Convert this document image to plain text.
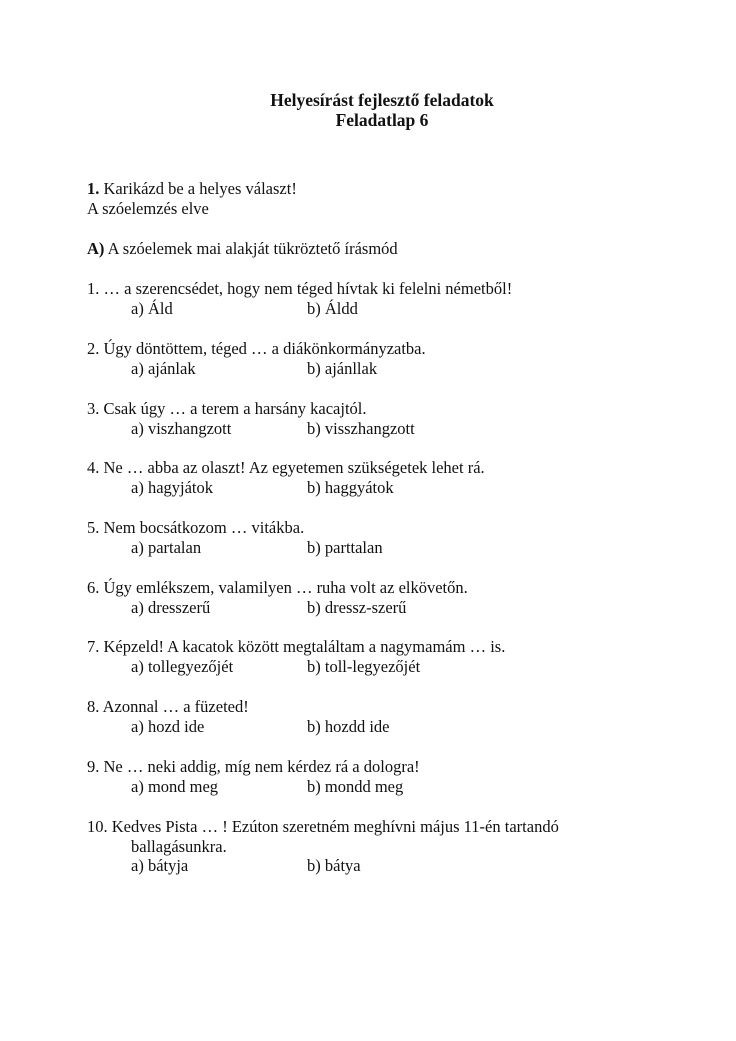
Helyesírást fejlesztő feladatok

Feladatlap 6

1. Karikázd be a helyes választ!

A szóelemzés elve

A) A szóelemek mai alakját tükröztető írásmód

1. … a szerencsédet, hogy nem téged hívtak ki felelni németből!

a) Áld	b) Áldd

2. Úgy döntöttem, téged … a diákönkormányzatba.

a) ajánlak	b) ajánllak

3. Csak úgy … a terem a harsány kacajtól.

a) viszhangzott	b) visszhangzott

4. Ne … abba az olaszt! Az egyetemen szükségetek lehet rá.

a) hagyjátok	b) haggyátok

5. Nem bocsátkozom … vitákba.

a) partalan	b) parttalan

6. Úgy emlékszem, valamilyen … ruha volt az elkövetőn.

a) dresszerű	b) dressz-szerű

7. Képzeld! A kacatok között megtaláltam a nagymamám … is.

a) tollegyezőjét	b) toll-legyezőjét

8. Azonnal … a füzeted!

a) hozd ide	b) hozdd ide

9. Ne … neki addig, míg nem kérdez rá a dologra!

a) mond meg	b) mondd meg

10. Kedves Pista … ! Ezúton szeretném meghívni május 11-én tartandó

ballagásunkra.

a) bátyja	b) bátya
